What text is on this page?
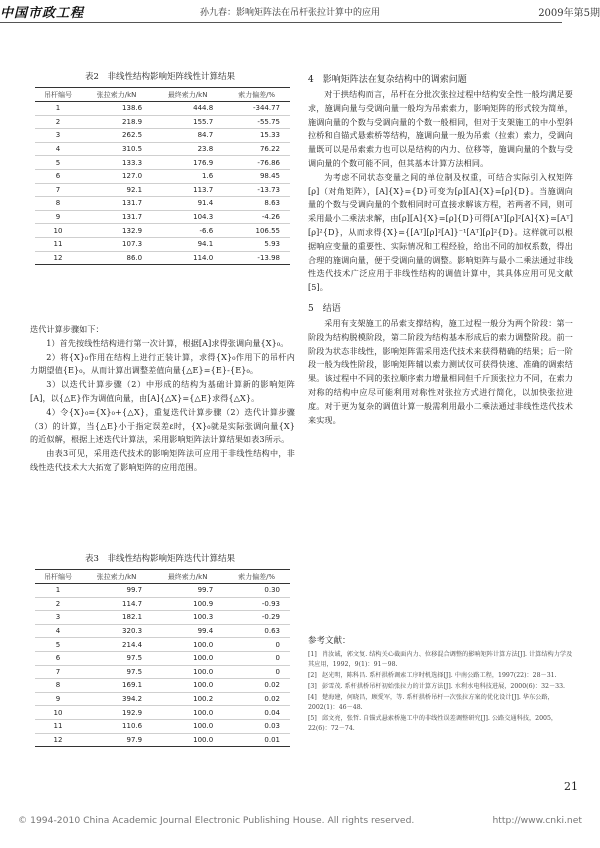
中国市政工程	孙九春：影响矩阵法在吊杆张拉计算中的应用	2009年第5期

表2　非线性结构影响矩阵线性计算结果

吊杆编号	张拉索力/kN	最终索力/kN	索力偏差/%
1	138.6	444.8	-344.77
2	218.9	155.7	-55.75
3	262.5	84.7	15.33
4	310.5	23.8	76.22
5	133.3	176.9	-76.86
6	127.0	1.6	98.45
7	92.1	113.7	-13.73
8	131.7	91.4	8.63
9	131.7	104.3	-4.26
10	132.9	-6.6	106.55
11	107.3	94.1	5.93
12	86.0	114.0	-13.98

迭代计算步骤如下：

1）首先按线性结构进行第一次计算，根据[A]求得张调向量{X}₀。

2）将{X}₀作用在结构上进行正装计算，求得{X}₀作用下的吊杆内力期望值{E}₀，从而计算出调整差值向量{△E}={E}-{E}₀。

3）以迭代计算步骤（2）中形成的结构为基础计算新的影响矩阵[A]，以{△E}作为调值向量，由[A]{△X}={△E}求得{△X}。

4）令{X}₀={X}₀+{△X}，重复迭代计算步骤（2）迭代计算步骤（3）的计算，当{△E}小于指定误差ε时，{X}₀就是实际张调向量{X}的近似解，根据上述迭代计算法，采用影响矩阵法计算结果如表3所示。

由表3可见，采用迭代技术的影响矩阵法可应用于非线性结构中，非线性迭代技术大大拓宽了影响矩阵的应用范围。

表3　非线性结构影响矩阵迭代计算结果

吊杆编号	张拉索力/kN	最终索力/kN	索力偏差/%
1	99.7	99.7	0.30
2	114.7	100.9	-0.93
3	182.1	100.3	-0.29
4	320.3	99.4	0.63
5	214.4	100.0	0
6	97.5	100.0	0
7	97.5	100.0	0
8	169.1	100.0	0.02
9	394.2	100.2	0.02
10	192.9	100.0	0.04
11	110.6	100.0	0.03
12	97.9	100.0	0.01
4　影响矩阵法在复杂结构中的调索问题

对于拱结构而言，吊杆在分批次张拉过程中结构安全性一般均满足要求，施调向量与受调向量一般均为吊索索力，影响矩阵的形式较为简单，施调向量的个数与受调向量的个数一般相同，但对于支架施工的中小型斜拉桥和自锚式悬索桥等结构，施调向量一般为吊索（拉索）索力，受调向量既可以是吊索索力也可以是结构的内力、位移等，施调向量的个数与受调向量的个数可能不同，但其基本计算方法相同。

为考虑不同状态变量之间的单位制及权重，可结合实际引入权矩阵[ρ]（对角矩阵），[A]{X}={D}可变为[ρ][A]{X}=[ρ]{D}。当施调向量的个数与受调向量的个数相同时可直接求解该方程，若两者不同，则可采用最小二乘法求解，由[ρ][A]{X}=[ρ]{D}可得[Aᵀ][ρ]²[A]{X}=[Aᵀ][ρ]²{D}，从而求得{X}={[Aᵀ][ρ]²[A]}⁻¹[Aᵀ][ρ]²{D}。这样就可以根据响应变量的重要性、实际情况和工程经验，给出不同的加权系数，得出合理的施调向量，便于受调向量的调整。影响矩阵与最小二乘法通过非线性迭代技术广泛应用于非线性结构的调值计算中，其具体应用可见文献[5]。

5　结语

采用有支架施工的吊索支撑结构，施工过程一般分为两个阶段：第一阶段为结构脱模阶段，第二阶段为结构基本形成后的索力调整阶段。前一阶段为状态非线性，影响矩阵需采用迭代技术来获得精确的结果；后一阶段一般为线性阶段，影响矩阵辅以索力测试仅可获得快速、准确的调索结果。该过程中不同的张拉顺序索力增量相同但千斤顶张拉力不同，在索力对称的结构中应尽可能利用对称性对张拉方式进行简化，以加快张拉进度。对于更为复杂的调值计算一般需利用最小二乘法通过非线性迭代技术来实现。

参考文献：

[1] 肖汝诚，郭文复. 结构关心截面内力、位移混合调整的影响矩阵计算方法[J]. 计算结构力学及其应用，1992，9(1)：91－98.

[2] 赵光明，陈科昌. 系杆拱桥调索工序时机选择[J]. 中南公路工程，1997(22)：28－31.

[3] 彭雪茂. 系杆拱桥吊杆初始张拉力的计算方法[J]. 水利水电科技进展，2000(6)：32－33.

[4] 楚海建，何晓昌，顾愛军，等. 系杆拱桥吊杆一次张拉方案的优化设计[J]. 华东公路，2002(1)：46－48.

[5] 邱文亮，张哲. 自锚式悬索桥施工中的非线性误差调整研究[J]. 公路交通科技，2005，22(6)：72－74.

21
© 1994-2010 China Academic Journal Electronic Publishing House. All rights reserved.	http://www.cnki.net
